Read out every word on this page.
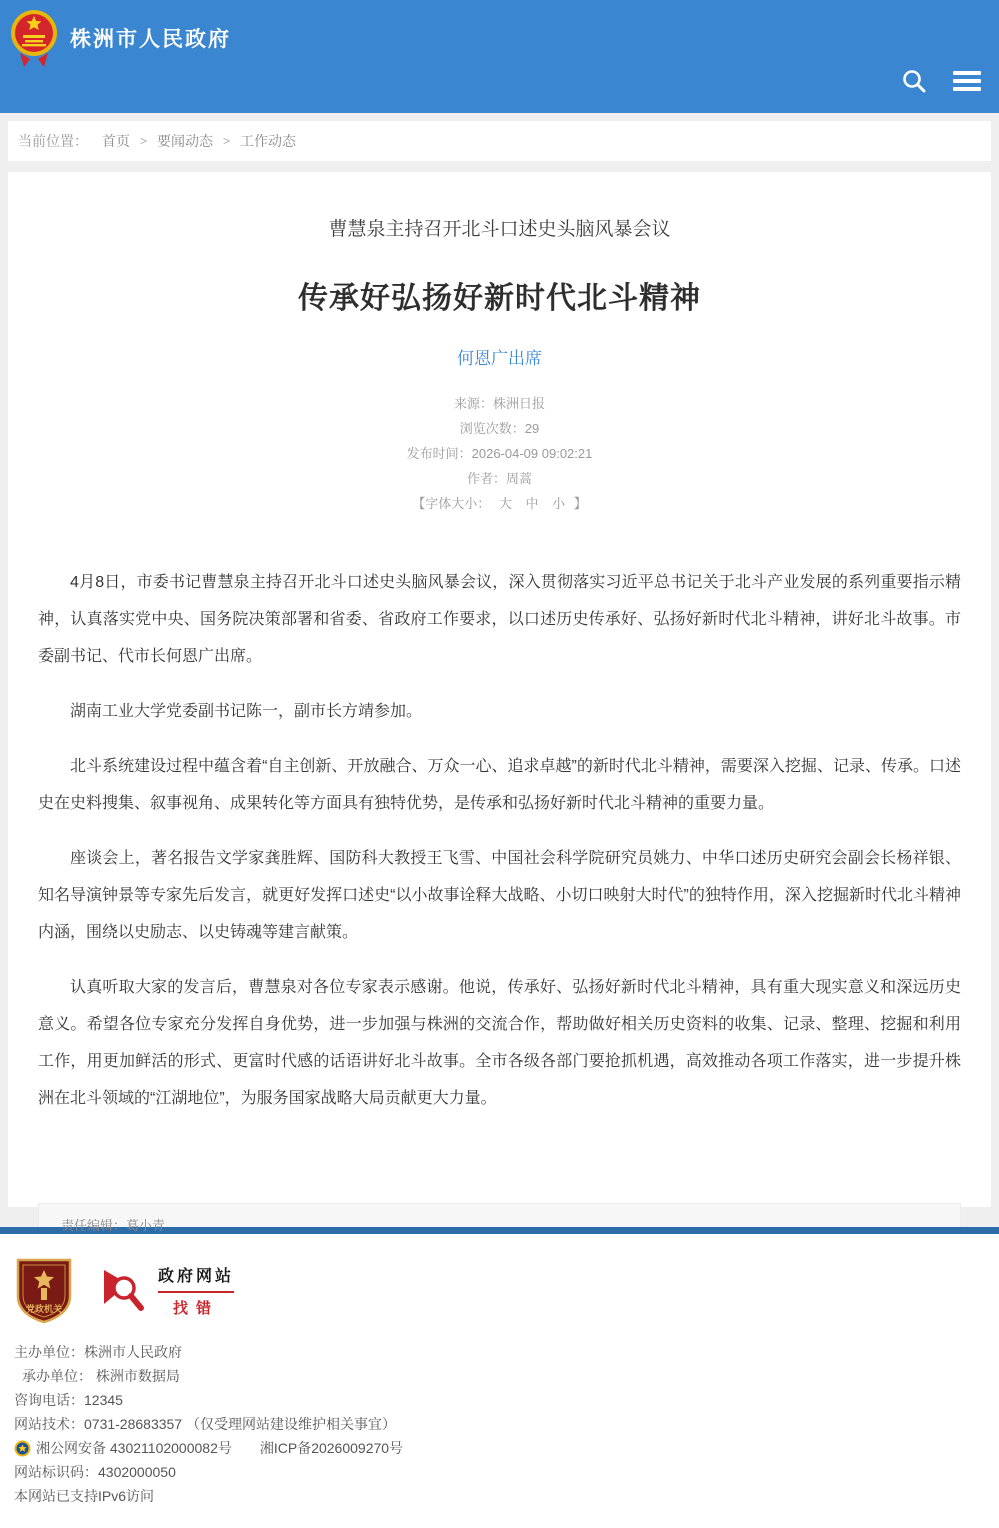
株洲市人民政府
当前位置： 首页 > 要闻动态 > 工作动态
曹慧泉主持召开北斗口述史头脑风暴会议
传承好弘扬好新时代北斗精神
何恩广出席
来源：株洲日报
浏览次数：29
发布时间：2026-04-09 09:02:21
作者：周蒿
【字体大小： 大 中 小 】

4月8日，市委书记曹慧泉主持召开北斗口述史头脑风暴会议，深入贯彻落实习近平总书记关于北斗产业发展的系列重要指示精神，认真落实党中央、国务院决策部署和省委、省政府工作要求，以口述历史传承好、弘扬好新时代北斗精神，讲好北斗故事。市委副书记、代市长何恩广出席。

湖南工业大学党委副书记陈一，副市长方靖参加。

北斗系统建设过程中蕴含着“自主创新、开放融合、万众一心、追求卓越”的新时代北斗精神，需要深入挖掘、记录、传承。口述史在史料搜集、叙事视角、成果转化等方面具有独特优势，是传承和弘扬好新时代北斗精神的重要力量。

座谈会上，著名报告文学家龚胜辉、国防科大教授王飞雪、中国社会科学院研究员姚力、中华口述历史研究会副会长杨祥银、知名导演钟景等专家先后发言，就更好发挥口述史“以小故事诠释大战略、小切口映射大时代”的独特作用，深入挖掘新时代北斗精神内涵，围绕以史励志、以史铸魂等建言献策。

认真听取大家的发言后，曹慧泉对各位专家表示感谢。他说，传承好、弘扬好新时代北斗精神，具有重大现实意义和深远历史意义。希望各位专家充分发挥自身优势，进一步加强与株洲的交流合作，帮助做好相关历史资料的收集、记录、整理、挖掘和利用工作，用更加鲜活的形式、更富时代感的话语讲好北斗故事。全市各级各部门要抢抓机遇，高效推动各项工作落实，进一步提升株洲在北斗领域的“江湖地位”，为服务国家战略大局贡献更大力量。

责任编辑：葛小青
党政机关
政府网站
找错
主办单位： 株洲市人民政府
承办单位：
株洲市数据局
咨询电话： 12345
网站技术： 0731-28683357 （仅受理网站建设维护相关事宜）
湘公网安备 43021102000082号 湘ICP备2026009270号
网站标识码： 4302000050
本网站已支持IPv6访问
